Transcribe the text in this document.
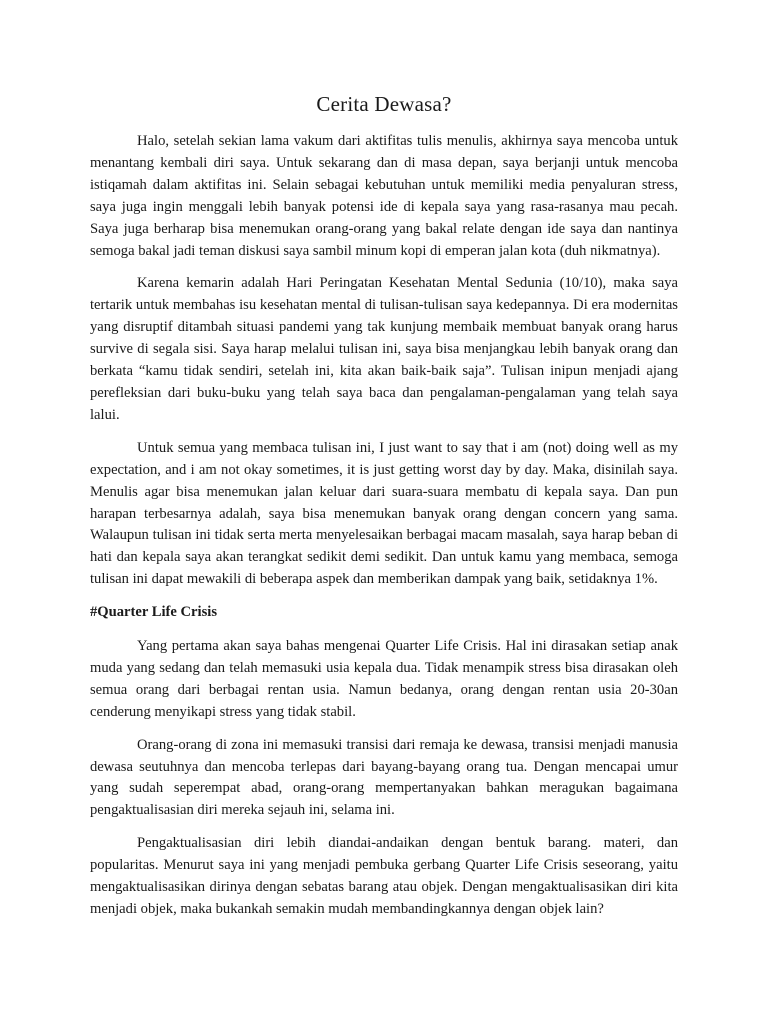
Cerita Dewasa?

Halo, setelah sekian lama vakum dari aktifitas tulis menulis, akhirnya saya mencoba untuk menantang kembali diri saya. Untuk sekarang dan di masa depan, saya berjanji untuk mencoba istiqamah dalam aktifitas ini. Selain sebagai kebutuhan untuk memiliki media penyaluran stress, saya juga ingin menggali lebih banyak potensi ide di kepala saya yang rasa-rasanya mau pecah. Saya juga berharap bisa menemukan orang-orang yang bakal relate dengan ide saya dan nantinya semoga bakal jadi teman diskusi saya sambil minum kopi di emperan jalan kota (duh nikmatnya).

Karena kemarin adalah Hari Peringatan Kesehatan Mental Sedunia (10/10), maka saya tertarik untuk membahas isu kesehatan mental di tulisan-tulisan saya kedepannya. Di era modernitas yang disruptif ditambah situasi pandemi yang tak kunjung membaik membuat banyak orang harus survive di segala sisi. Saya harap melalui tulisan ini, saya bisa menjangkau lebih banyak orang dan berkata “kamu tidak sendiri, setelah ini, kita akan baik-baik saja”. Tulisan inipun menjadi ajang perefleksian dari buku-buku yang telah saya baca dan pengalaman-pengalaman yang telah saya lalui.

Untuk semua yang membaca tulisan ini, I just want to say that i am (not) doing well as my expectation, and i am not okay sometimes, it is just getting worst day by day. Maka, disinilah saya. Menulis agar bisa menemukan jalan keluar dari suara-suara membatu di kepala saya. Dan pun harapan terbesarnya adalah, saya bisa menemukan banyak orang dengan concern yang sama. Walaupun tulisan ini tidak serta merta menyelesaikan berbagai macam masalah, saya harap beban di hati dan kepala saya akan terangkat sedikit demi sedikit. Dan untuk kamu yang membaca, semoga tulisan ini dapat mewakili di beberapa aspek dan memberikan dampak yang baik, setidaknya 1%.

#Quarter Life Crisis

Yang pertama akan saya bahas mengenai Quarter Life Crisis. Hal ini dirasakan setiap anak muda yang sedang dan telah memasuki usia kepala dua. Tidak menampik stress bisa dirasakan oleh semua orang dari berbagai rentan usia. Namun bedanya, orang dengan rentan usia 20-30an cenderung menyikapi stress yang tidak stabil.

Orang-orang di zona ini memasuki transisi dari remaja ke dewasa, transisi menjadi manusia dewasa seutuhnya dan mencoba terlepas dari bayang-bayang orang tua. Dengan mencapai umur yang sudah seperempat abad, orang-orang mempertanyakan bahkan meragukan bagaimana pengaktualisasian diri mereka sejauh ini, selama ini.

Pengaktualisasian diri lebih diandai-andaikan dengan bentuk barang. materi, dan popularitas. Menurut saya ini yang menjadi pembuka gerbang Quarter Life Crisis seseorang, yaitu mengaktualisasikan dirinya dengan sebatas barang atau objek. Dengan mengaktualisasikan diri kita menjadi objek, maka bukankah semakin mudah membandingkannya dengan objek lain?
